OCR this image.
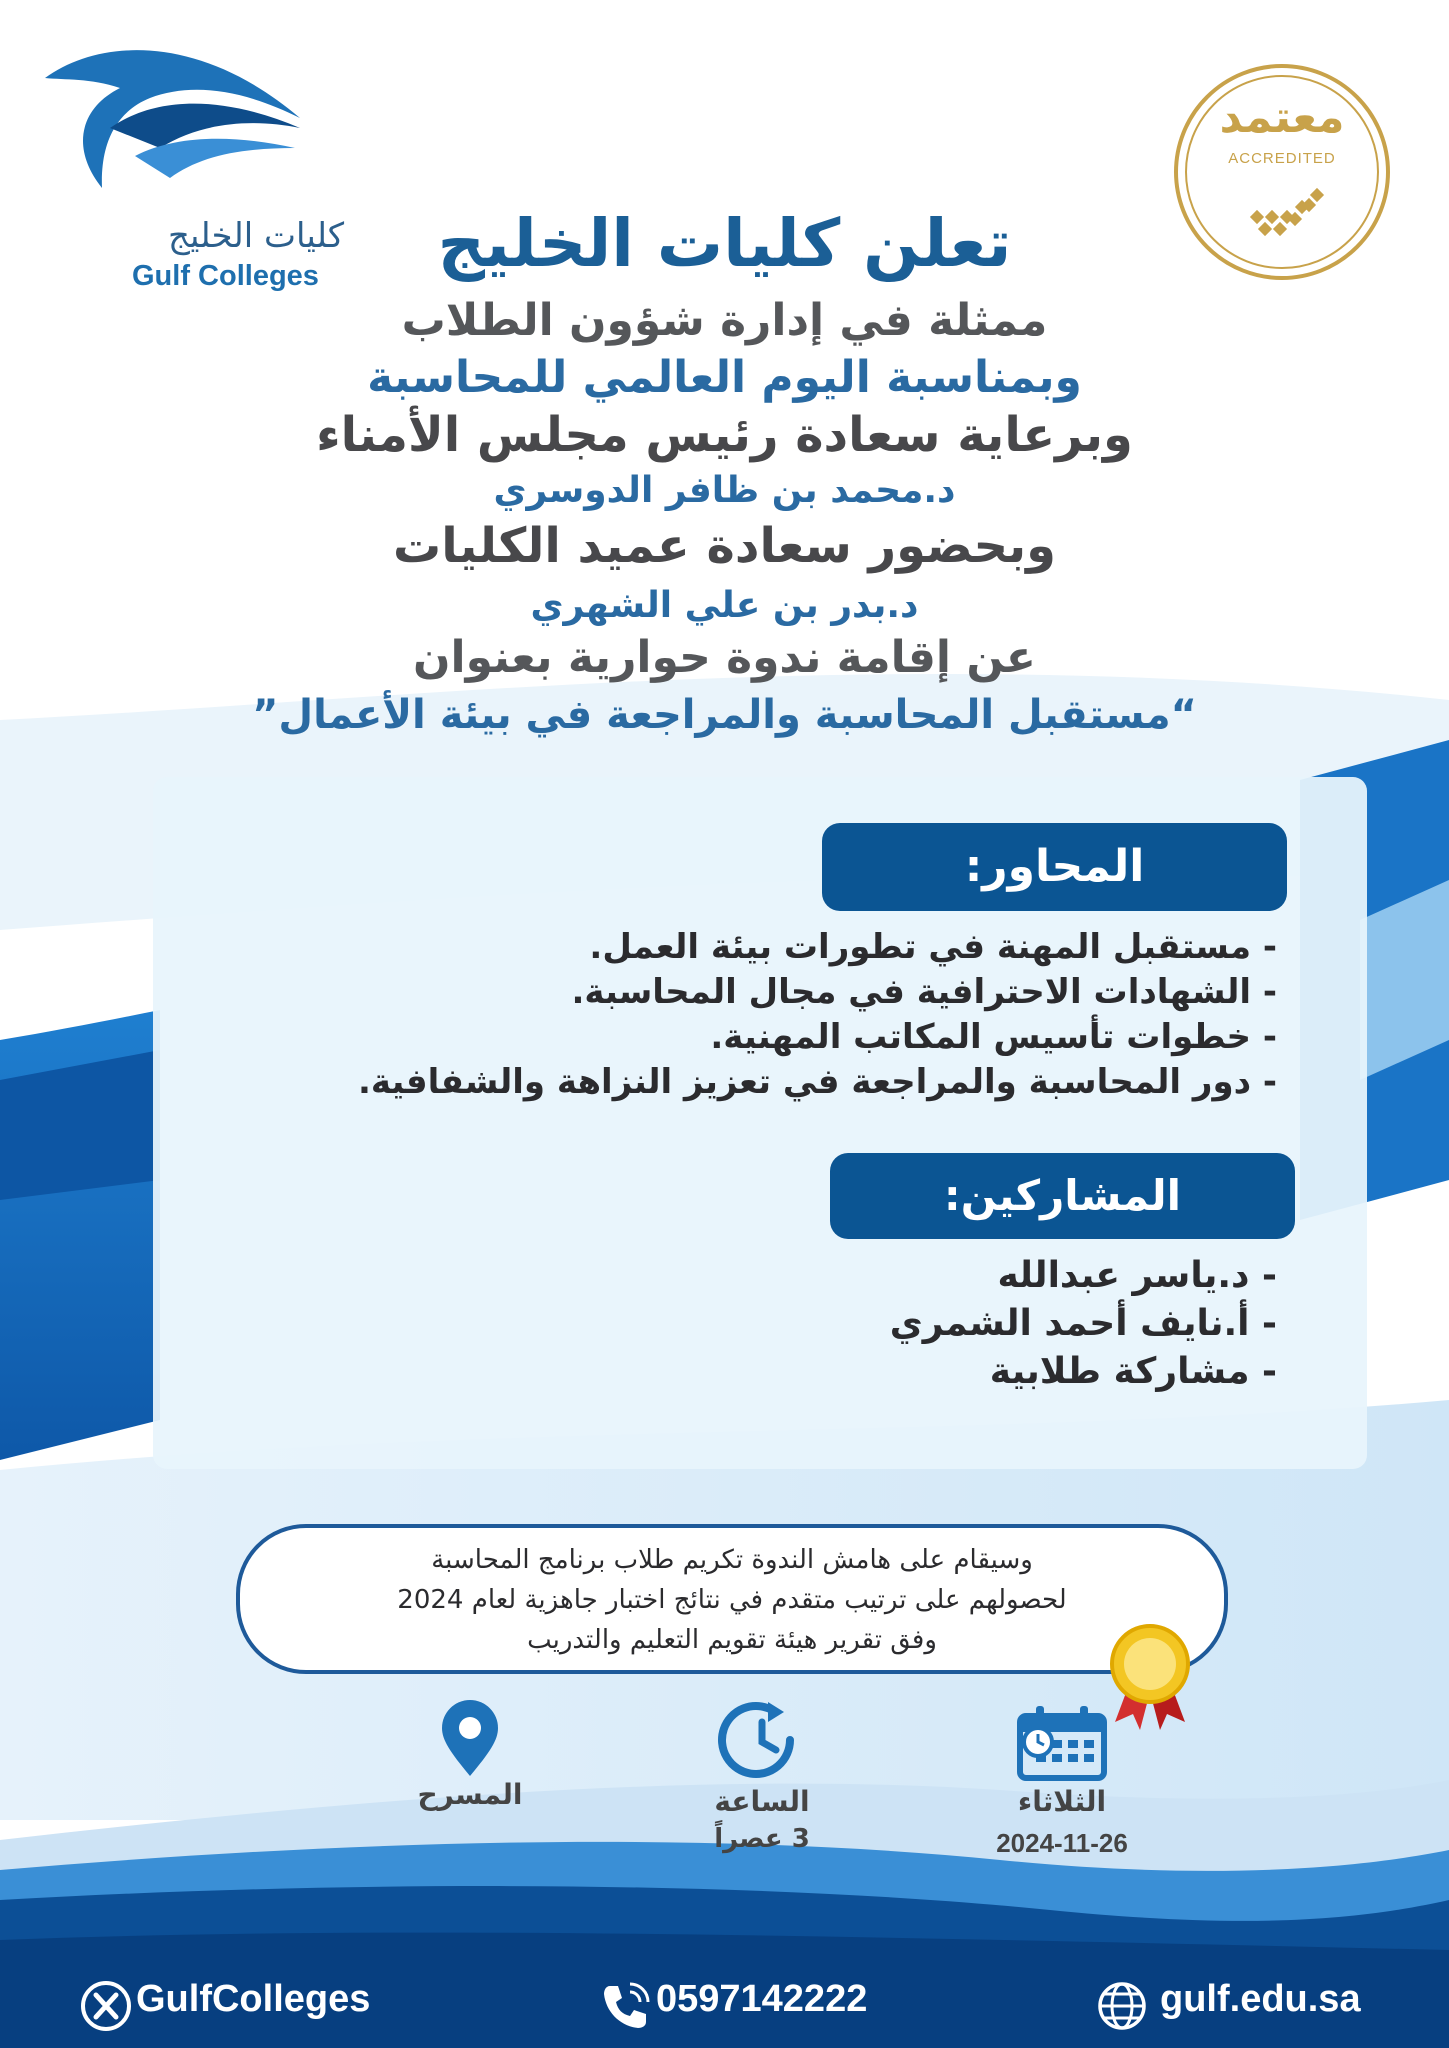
كليات الخليج
Gulf Colleges
معتمد
ACCREDITED
تعلن كليات الخليج
ممثلة في إدارة شؤون الطلاب
وبمناسبة اليوم العالمي للمحاسبة
وبرعاية سعادة رئيس مجلس الأمناء
د.محمد بن ظافر الدوسري
وبحضور سعادة عميد الكليات
د.بدر بن علي الشهري
عن إقامة ندوة حوارية بعنوان
“مستقبل المحاسبة والمراجعة في بيئة الأعمال”
المحاور:
- مستقبل المهنة في تطورات بيئة العمل.
- الشهادات الاحترافية في مجال المحاسبة.
- خطوات تأسيس المكاتب المهنية.
- دور المحاسبة والمراجعة في تعزيز النزاهة والشفافية.
المشاركين:
- د.ياسر عبدالله
- أ.نايف أحمد الشمري
- مشاركة طلابية
وسيقام على هامش الندوة تكريم طلاب برنامج المحاسبة
لحصولهم على ترتيب متقدم في نتائج اختبار جاهزية لعام 2024
وفق تقرير هيئة تقويم التعليم والتدريب
الثلاثاء
2024-11-26
الساعة
3 عصراً
المسرح
GulfColleges	0597142222	gulf.edu.sa
